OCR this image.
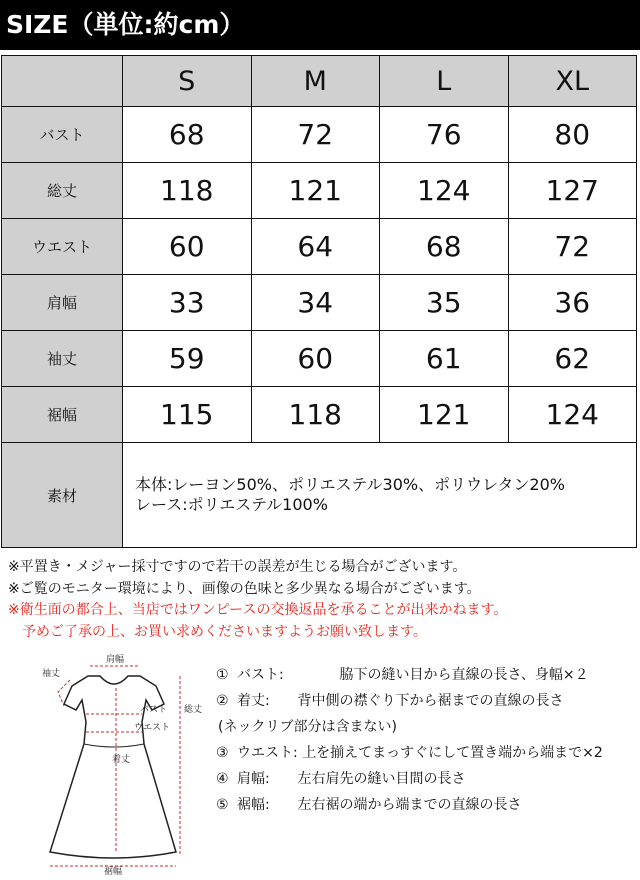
SIZE（単位:約cm）
	S	M	L	XL
バスト	68	72	76	80
総丈	118	121	124	127
ウエスト	60	64	68	72
肩幅	33	34	35	36
袖丈	59	60	61	62
裾幅	115	118	121	124
素材	本体:レーヨン50%、ポリエステル30%、ポリウレタン20%
レース:ポリエステル100%			
※平置き・メジャー採寸ですので若干の誤差が生じる場合がございます。
※ご覧のモニター環境により、画像の色味と多少異なる場合がございます。
※衛生面の都合上、当店ではワンピースの交換返品を承ることが出来かねます。
予めご了承の上、お買い求めくださいますようお願い致します。
肩幅
袖丈
バスト
ウエスト
総丈
着丈
裾幅
① バスト:	脇下の縫い目から直線の長さ、身幅×２
② 着丈: 背中側の襟ぐり下から裾までの直線の長さ
(ネックリブ部分は含まない)
③ ウエスト: 上を揃えてまっすぐにして置き端から端まで×2
④ 肩幅: 左右肩先の縫い目間の長さ
⑤ 裾幅: 左右裾の端から端までの直線の長さ
